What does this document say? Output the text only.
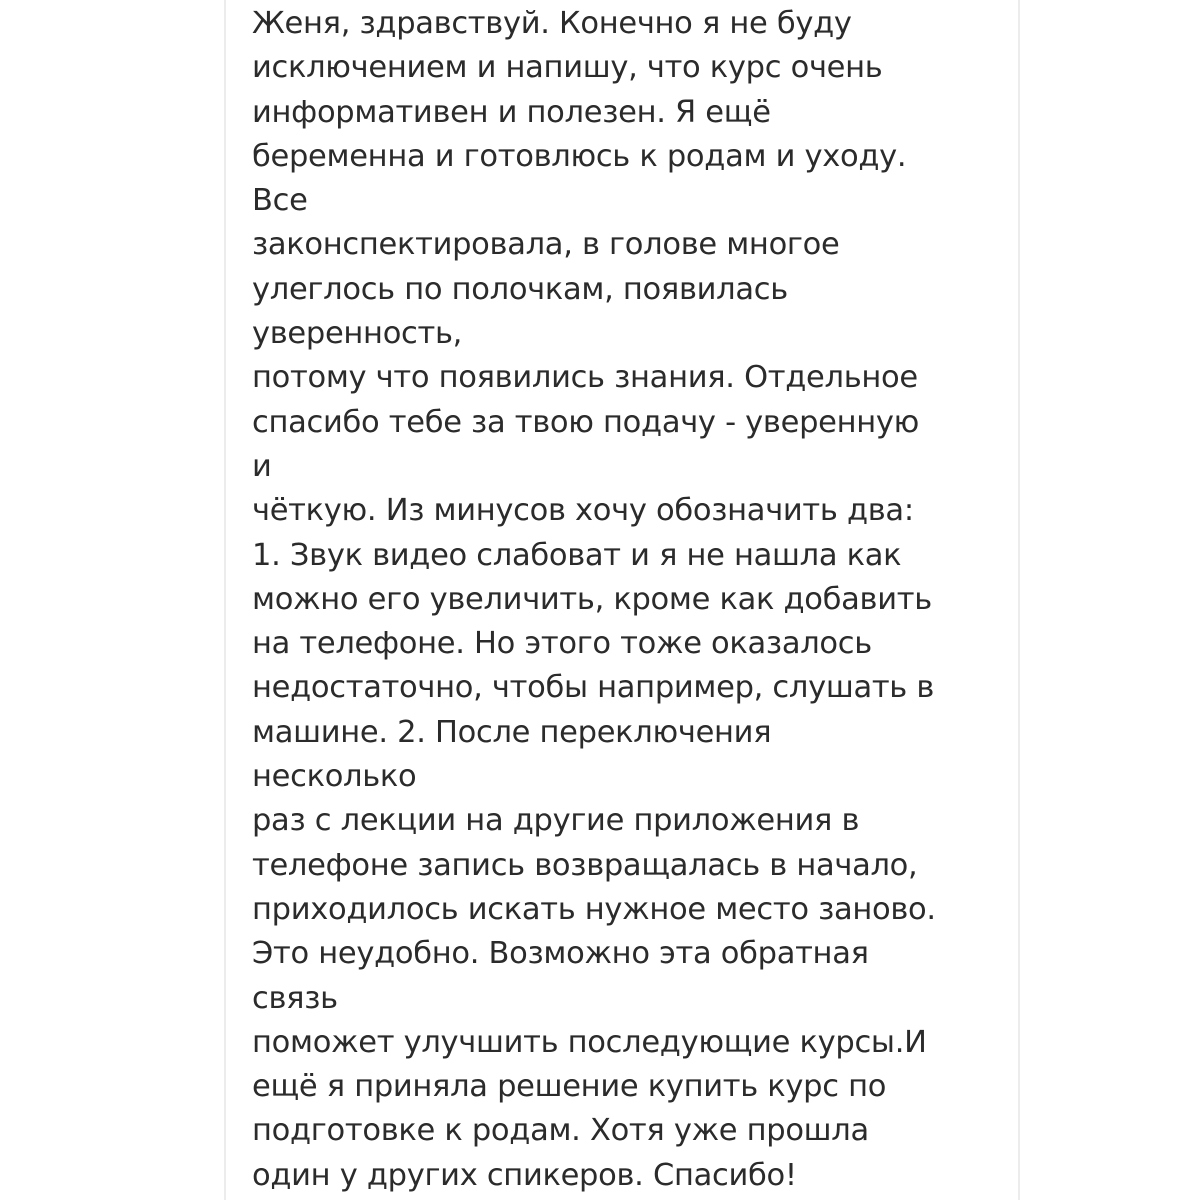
Женя, здравствуй. Конечно я не буду
исключением и напишу, что курс очень
информативен и полезен. Я ещё
беременна и готовлюсь к родам и уходу.
Все
законспектировала, в голове многое
улеглось по полочкам, появилась
уверенность,
потому что появились знания. Отдельное
спасибо тебе за твою подачу - уверенную
и
чёткую. Из минусов хочу обозначить два:
1. Звук видео слабоват и я не нашла как
можно его увеличить, кроме как добавить
на телефоне. Но этого тоже оказалось
недостаточно, чтобы например, слушать в
машине. 2. После переключения
несколько
раз с лекции на другие приложения в
телефоне запись возвращалась в начало,
приходилось искать нужное место заново.
Это неудобно. Возможно эта обратная
связь
поможет улучшить последующие курсы.И
ещё я приняла решение купить курс по
подготовке к родам. Хотя уже прошла
один у других спикеров. Спасибо!
